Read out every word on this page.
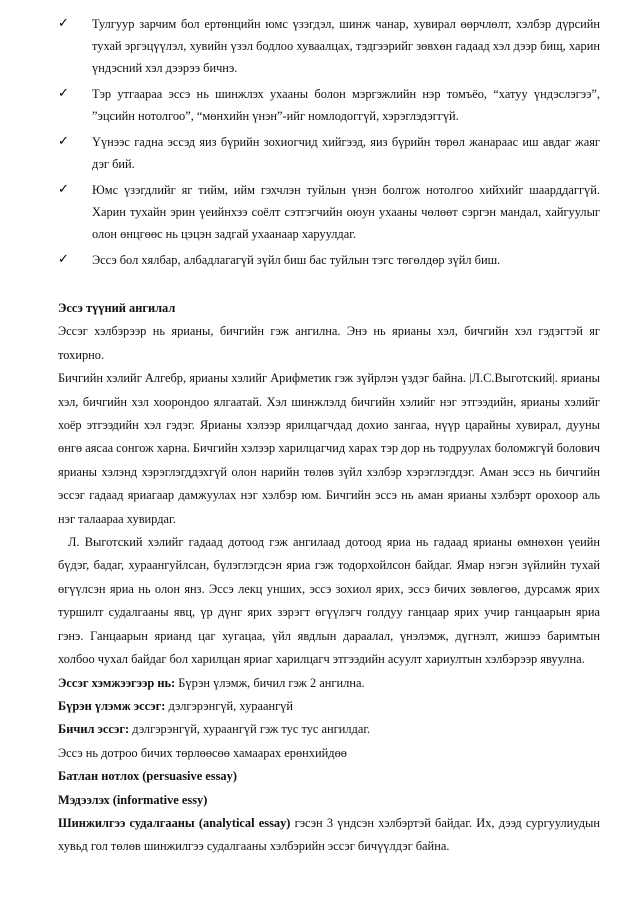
✓	Тулгуур зарчим бол ертөнцийн юмс үзэгдэл, шинж чанар, хувирал өөрчлөлт, хэлбэр дүрсийн тухай эргэцүүлэл, хувийн үзэл бодлоо хуваалцах, тэдгээрийг зөвхөн гадаад хэл дээр бищ, харин үндэсний хэл дээрээ бичнэ.
✓	Тэр утгаараа эссэ нь шинжлэх ухааны болон мэргэжлийн нэр томъёо, “хатуу үндэслэгээ”, ”эцсийн нотолгоо”, “мөнхийн үнэн”-ийг номлодоггүй, хэрэглэдэггүй.
✓	Үүнээс гадна эссэд яиз бүрийн зохиогчид хийгээд, яиз бүрийн төрөл жанараас иш авдаг жаяг дэг бий.
✓	Юмс үзэгдлийг яг тийм, ийм гэхчлэн туйлын үнэн болгож нотолгоо хийхийг шаарддаггүй. Харин тухайн эрин үеийнхээ соёлт сэтгэгчийн оюун ухааны чөлөөт сэргэн мандал, хайгуулыг олон өнцгөөс нь цэцэн задгай ухаанаар харуулдаг.
✓	Эссэ бол хялбар, албадлагагүй зүйл биш бас туйлын тэгс төгөлдөр зүйл биш.
Эссэ түүний ангилал

Эссэг хэлбэрээр нь ярианы, бичгийн гэж ангилна. Энэ нь ярианы хэл, бичгийн хэл гэдэгтэй яг тохирно.

Бичгийн хэлийг Алгебр, ярианы хэлийг Арифметик гэж зүйрлэн үздэг байна. |Л.С.Выготский|. ярианы хэл, бичгийн хэл хоорондоо ялгаатай. Хэл шинжлэлд бичгийн хэлийг нэг этгээдийн, ярианы хэлийг хоёр этгээдийн хэл гэдэг. Ярианы хэлээр ярилцагчдад дохио зангаа, нүүр царайны хувирал, дууны өнгө аясаа сонгож харна. Бичгийн хэлээр харилцагчид харах тэр дор нь тодруулах боломжгүй болович ярианы хэлэнд хэрэглэгддэхгүй олон нарийн төлөв зүйл хэлбэр хэрэглэгддэг. Аман эссэ нь бичгийн эссэг гадаад яриагаар дамжуулах нэг хэлбэр юм. Бичгийн эссэ нь аман ярианы хэлбэрт орохоор аль нэг талаараа хувирдаг.

Л. Выготский хэлийг гадаад дотоод гэж ангилаад дотоод яриа нь гадаад ярианы өмнөхөн үеийн бүдэг, бадаг, хураангуйлсан, бүлэглэгдсэн яриа гэж тодорхойлсон байдаг. Ямар нэгэн зүйлийн тухай өгүүлсэн яриа нь олон янз. Эссэ лекц унших, эссэ зохиол ярих, эссэ бичих зөвлөгөө, дурсамж ярих туршилт судалгааны явц, үр дүнг ярих зэрэгт өгүүлэгч голдуу ганцаар ярих учир ганцаарын яриа гэнэ. Ганцаарын ярианд цаг хугацаа, үйл явдлын дараалал, үнэлэмж, дүгнэлт, жишээ баримтын холбоо чухал байдаг бол харилцан яриаг харилцагч этгээдийн асуулт хариултын хэлбэрээр явуулна.

Эссэг хэмжээгээр нь: Бүрэн үлэмж, бичил гэж 2 ангилна.

Бүрэн үлэмж эссэг: дэлгэрэнгүй, хураангүй

Бичил эссэг: дэлгэрэнгүй, хураангүй гэж тус тус ангилдаг.

Эссэ нь дотроо бичих төрлөөсөө хамаарах ерөнхийдөө

Батлан нотлох (persuasive essay)
Мэдээлэх (informative essy)

Шинжилгээ судалгааны (analytical essay) гэсэн 3 үндсэн хэлбэртэй байдаг. Их, дээд сургуулиудын хувьд гол төлөв шинжилгээ судалгааны хэлбэрийн эссэг бичүүлдэг байна.
